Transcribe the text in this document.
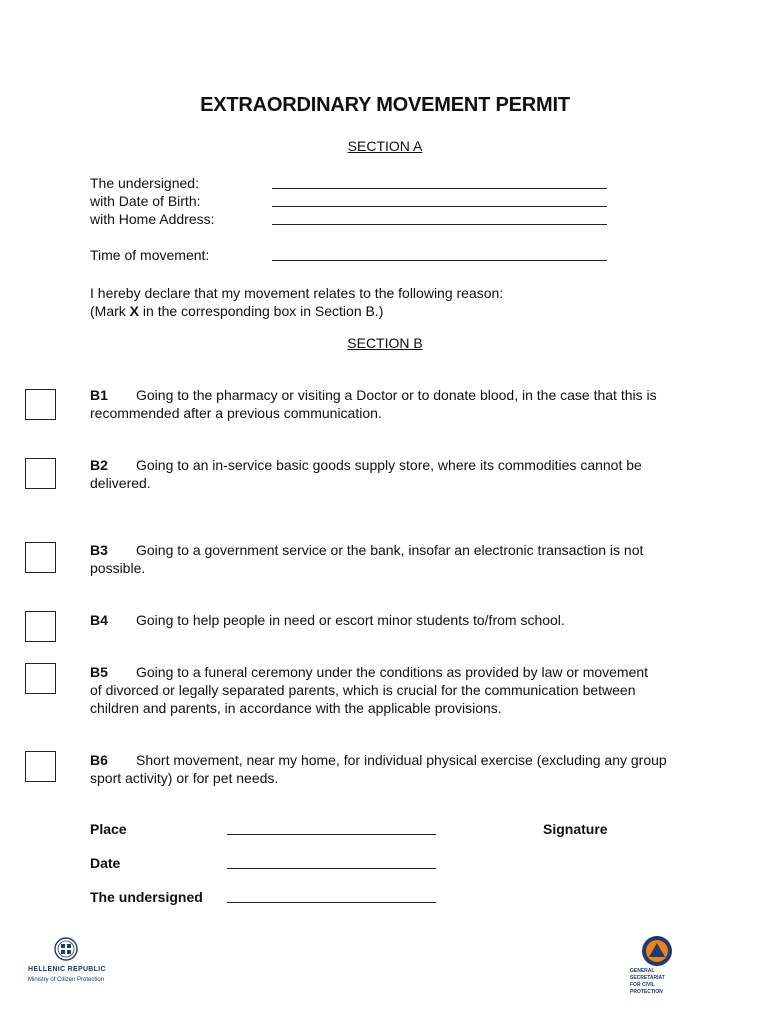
EXTRAORDINARY MOVEMENT PERMIT
SECTION A
The undersigned:
with Date of Birth:
with Home Address:
Time of movement:
I hereby declare that my movement relates to the following reason:
(Mark X in the corresponding box in Section B.)
SECTION B
B1 Going to the pharmacy or visiting a Doctor or to donate blood, in the case that this is recommended after a previous communication.
B2 Going to an in-service basic goods supply store, where its commodities cannot be delivered.
B3 Going to a government service or the bank, insofar an electronic transaction is not possible.
B4 Going to help people in need or escort minor students to/from school.
B5 Going to a funeral ceremony under the conditions as provided by law or movement of divorced or legally separated parents, which is crucial for the communication between children and parents, in accordance with the applicable provisions.
B6 Short movement, near my home, for individual physical exercise (excluding any group sport activity) or for pet needs.
Place
Date
The undersigned
Signature
HELLENIC REPUBLIC
Ministry of Citizen Protection
GENERAL SECRETARIAT
FOR CIVIL PROTECTION
